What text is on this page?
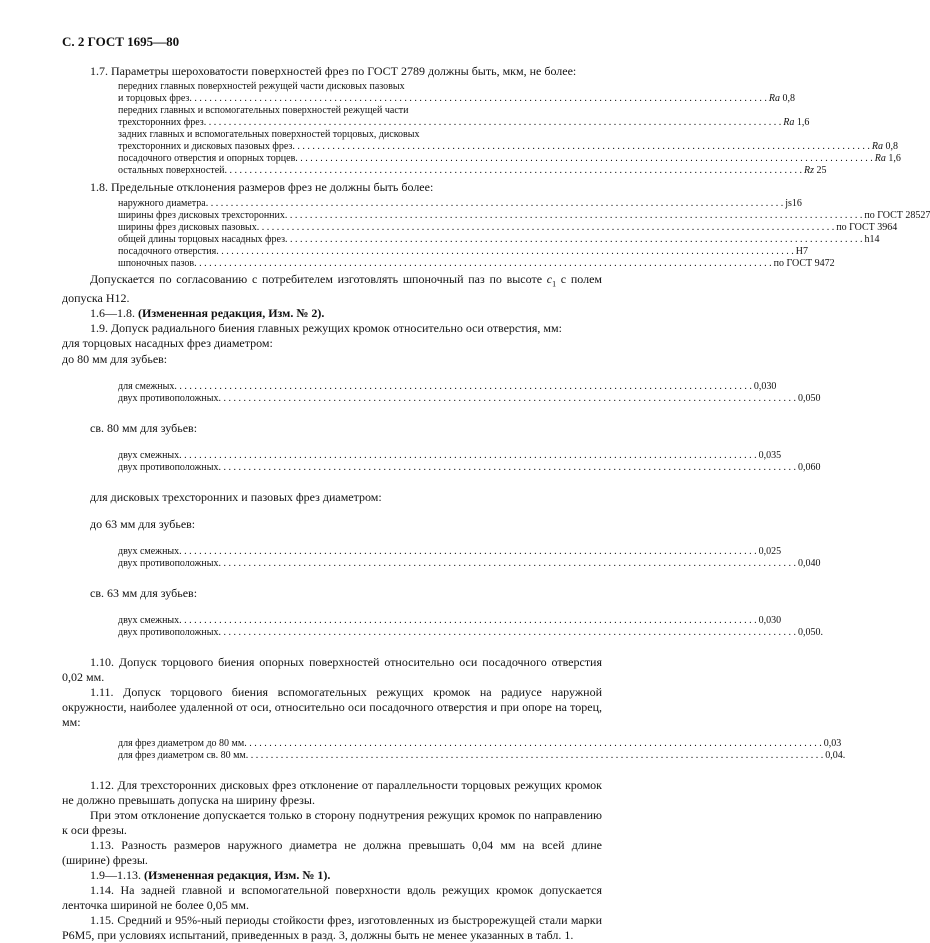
С. 2 ГОСТ 1695—80
1.7. Параметры шероховатости поверхностей фрез по ГОСТ 2789 должны быть, мкм, не более:
передних главных поверхностей режущей части дисковых пазовых
и торцовых фрез . . .	Ra 0,8
передних главных и вспомогательных поверхностей режущей части
трехсторонних фрез . . .	Ra 1,6
задних главных и вспомогательных поверхностей торцовых, дисковых
трехсторонних и дисковых пазовых фрез . . .	Ra 0,8
посадочного отверстия и опорных торцев . . .	Ra 1,6
остальных поверхностей . . .	Rz 25
1.8. Предельные отклонения размеров фрез не должны быть более:
наружного диаметра . . .	js16
ширины фрез дисковых трехсторонних . . .	по ГОСТ 28527
ширины фрез дисковых пазовых . . .	по ГОСТ 3964
общей длины торцовых насадных фрез . . .	h14
посадочного отверстия . . .	H7
шпоночных пазов . . .	по ГОСТ 9472
Допускается по согласованию с потребителем изготовлять шпоночный паз по высоте $c_1$ с полем допуска H12.
1.6—1.8. (Измененная редакция, Изм. № 2).
1.9. Допуск радиального биения главных режущих кромок относительно оси отверстия, мм:
для торцовых насадных фрез диаметром:
до 80 мм для зубьев:
для смежных . . .	0,030
двух противоположных . . .	0,050
св. 80 мм для зубьев:
двух смежных . . .	0,035
двух противоположных . . .	0,060
для дисковых трехсторонних и пазовых фрез диаметром:
до 63 мм для зубьев:
двух смежных . . .	0,025
двух противоположных . . .	0,040
св. 63 мм для зубьев:
двух смежных . . .	0,030
двух противоположных . . .	0,050.
1.10. Допуск торцового биения опорных поверхностей относительно оси посадочного отверстия 0,02 мм.
1.11. Допуск торцового биения вспомогательных режущих кромок на радиусе наружной окружности, наиболее удаленной от оси, относительно оси посадочного отверстия и при опоре на торец, мм:
для фрез диаметром до 80 мм . . .	0,03
для фрез диаметром св. 80 мм . . .	0,04.
1.12. Для трехсторонних дисковых фрез отклонение от параллельности торцовых режущих кромок не должно превышать допуска на ширину фрезы.
При этом отклонение допускается только в сторону поднутрения режущих кромок по направлению к оси фрезы.
1.13. Разность размеров наружного диаметра не должна превышать 0,04 мм на всей длине (ширине) фрезы.
1.9—1.13. (Измененная редакция, Изм. № 1).
1.14. На задней главной и вспомогательной поверхности вдоль режущих кромок допускается ленточка шириной не более 0,05 мм.
1.15. Средний и 95%-ный периоды стойкости фрез, изготовленных из быстрорежущей стали марки Р6М5, при условиях испытаний, приведенных в разд. 3, должны быть не менее указанных в табл. 1.
